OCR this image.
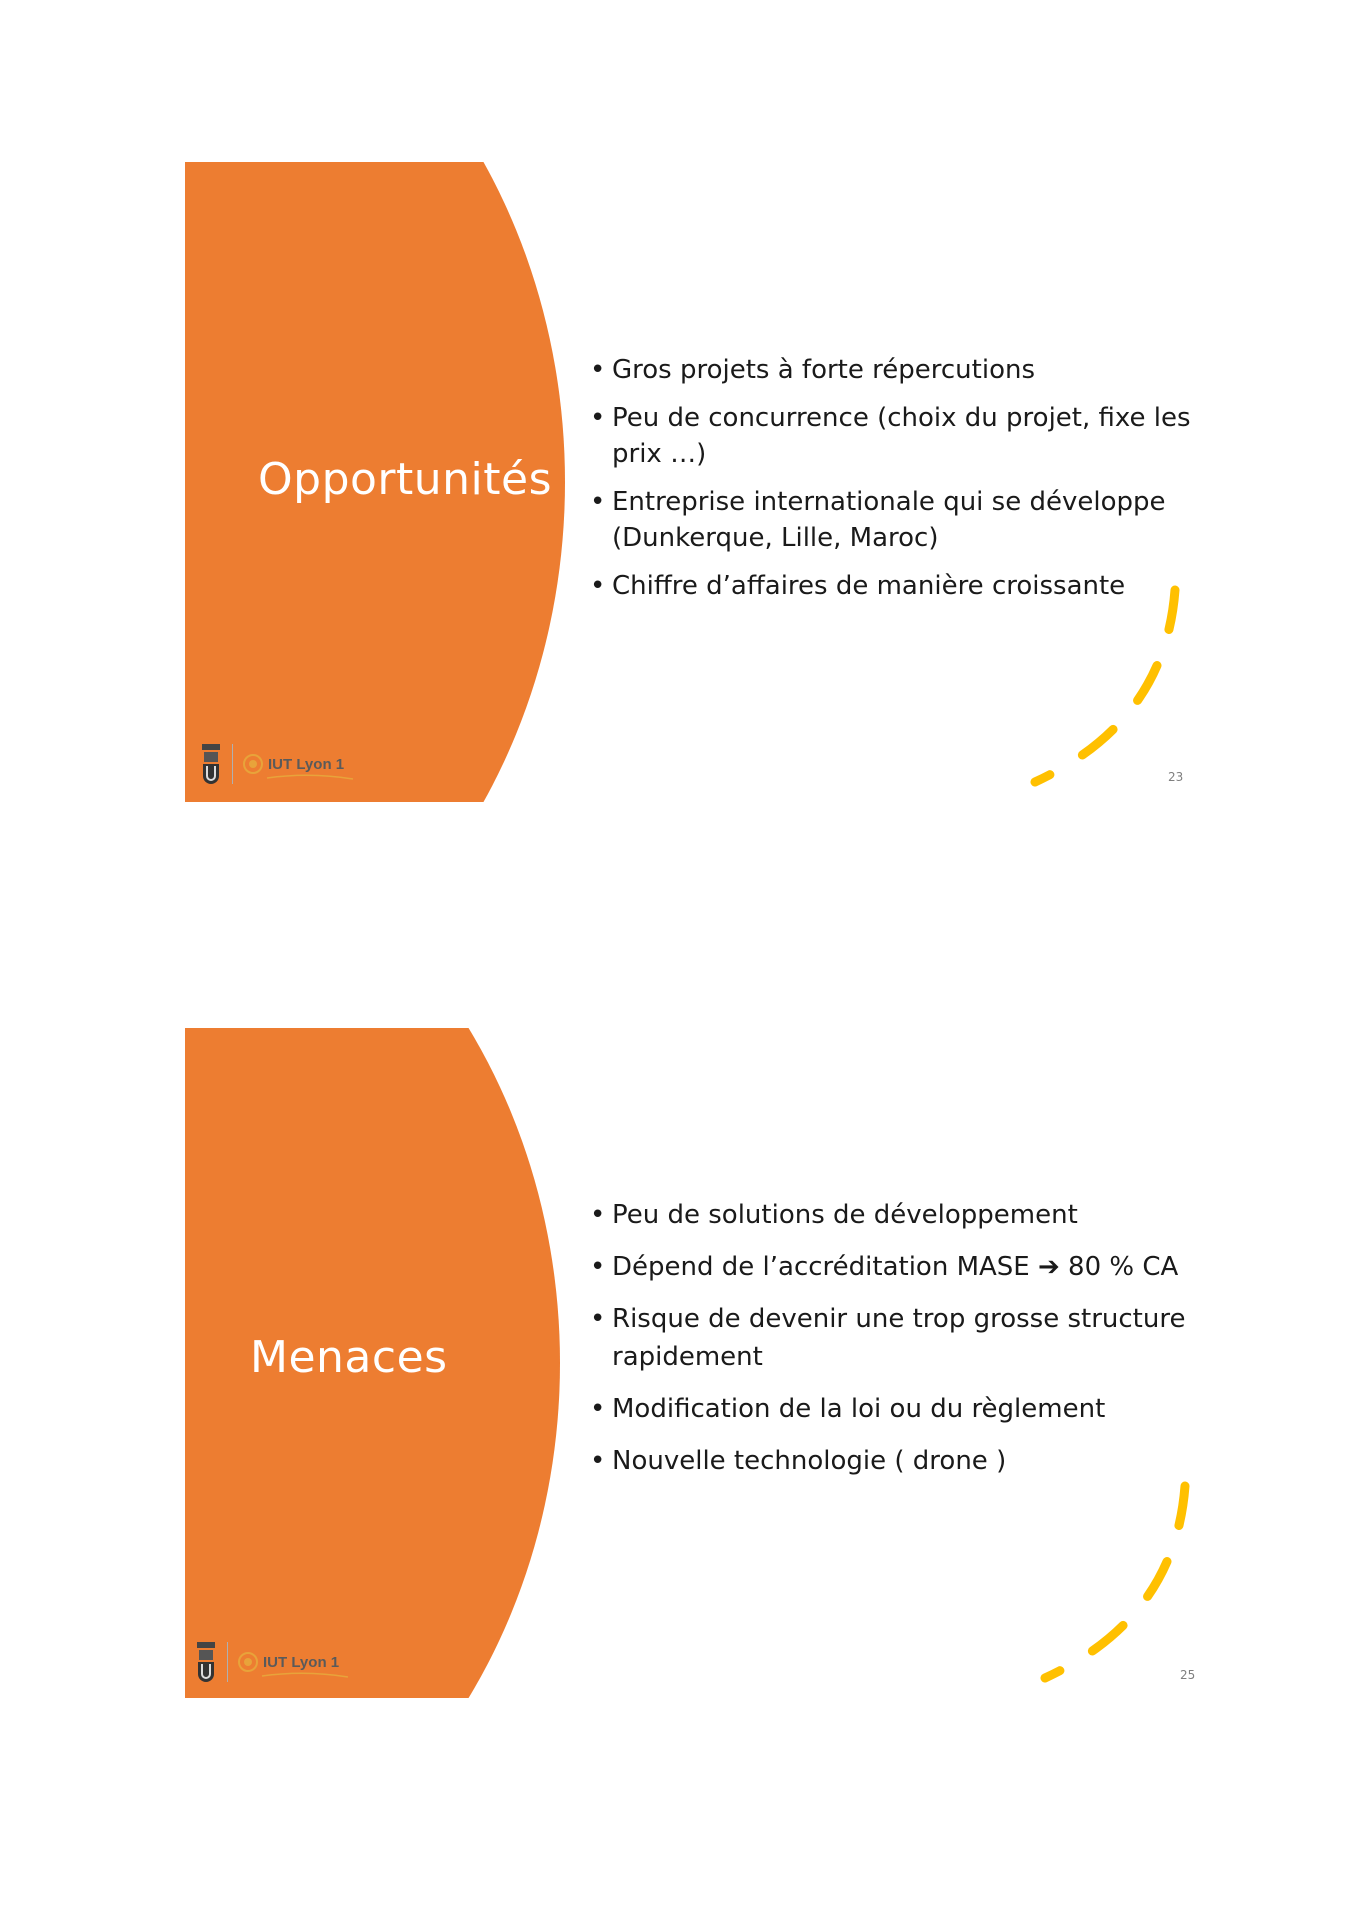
Opportunités
• Gros projets à forte répercutions
• Peu de concurrence (choix du projet, fixe les prix …)
• Entreprise internationale qui se développe (Dunkerque, Lille, Maroc)
• Chiffre d’affaires de manière croissante
23
IUT Lyon 1
Menaces
• Peu de solutions de développement
• Dépend de l’accréditation MASE ➔ 80 % CA
• Risque de devenir une trop grosse structure rapidement
• Modification de la loi ou du règlement
• Nouvelle technologie ( drone )
25
IUT Lyon 1
